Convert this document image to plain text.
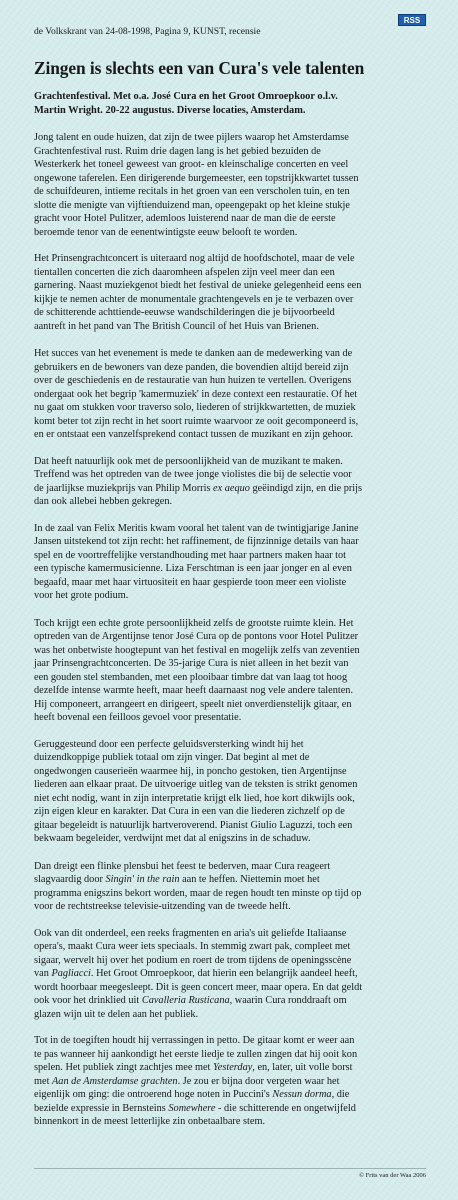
RSS

de Volkskrant van 24-08-1998, Pagina 9, KUNST, recensie

Zingen is slechts een van Cura's vele talenten
Grachtenfestival. Met o.a. José Cura en het Groot Omroepkoor o.l.v.
Martin Wright. 20-22 augustus. Diverse locaties, Amsterdam.

Jong talent en oude huizen, dat zijn de twee pijlers waarop het Amsterdamse
Grachtenfestival rust. Ruim drie dagen lang is het gebied bezuiden de
Westerkerk het toneel geweest van groot- en kleinschalige concerten en veel
ongewone taferelen. Een dirigerende burgemeester, een topstrijkkwartet tussen
de schuifdeuren, intieme recitals in het groen van een verscholen tuin, en ten
slotte die menigte van vijftienduizend man, opeengepakt op het kleine stukje
gracht voor Hotel Pulitzer, ademloos luisterend naar de man die de eerste
beroemde tenor van de eenentwintigste eeuw belooft te worden.

Het Prinsengrachtconcert is uiteraard nog altijd de hoofdschotel, maar de vele
tientallen concerten die zich daaromheen afspelen zijn veel meer dan een
garnering. Naast muziekgenot biedt het festival de unieke gelegenheid eens een
kijkje te nemen achter de monumentale grachtengevels en je te verbazen over
de schitterende achttiende-eeuwse wandschilderingen die je bijvoorbeeld
aantreft in het pand van The British Council of het Huis van Brienen.

Het succes van het evenement is mede te danken aan de medewerking van de
gebruikers en de bewoners van deze panden, die bovendien altijd bereid zijn
over de geschiedenis en de restauratie van hun huizen te vertellen. Overigens
ondergaat ook het begrip 'kamermuziek' in deze context een restauratie. Of het
nu gaat om stukken voor traverso solo, liederen of strijkkwartetten, de muziek
komt beter tot zijn recht in het soort ruimte waarvoor ze ooit gecomponeerd is,
en er ontstaat een vanzelfsprekend contact tussen de muzikant en zijn gehoor.

Dat heeft natuurlijk ook met de persoonlijkheid van de muzikant te maken.
Treffend was het optreden van de twee jonge violistes die bij de selectie voor
de jaarlijkse muziekprijs van Philip Morris ex aequo geëindigd zijn, en die prijs
dan ook allebei hebben gekregen.

In de zaal van Felix Meritis kwam vooral het talent van de twintigjarige Janine
Jansen uitstekend tot zijn recht: het raffinement, de fijnzinnige details van haar
spel en de voortreffelijke verstandhouding met haar partners maken haar tot
een typische kamermusicienne. Liza Ferschtman is een jaar jonger en al even
begaafd, maar met haar virtuositeit en haar gespierde toon meer een violiste
voor het grote podium.

Toch krijgt een echte grote persoonlijkheid zelfs de grootste ruimte klein. Het
optreden van de Argentijnse tenor José Cura op de pontons voor Hotel Pulitzer
was het onbetwiste hoogtepunt van het festival en mogelijk zelfs van zeventien
jaar Prinsengrachtconcerten. De 35-jarige Cura is niet alleen in het bezit van
een gouden stel stembanden, met een plooibaar timbre dat van laag tot hoog
dezelfde intense warmte heeft, maar heeft daarnaast nog vele andere talenten.
Hij componeert, arrangeert en dirigeert, speelt niet onverdienstelijk gitaar, en
heeft bovenal een feilloos gevoel voor presentatie.

Geruggesteund door een perfecte geluidsversterking windt hij het
duizendkoppige publiek totaal om zijn vinger. Dat begint al met de
ongedwongen causerieën waarmee hij, in poncho gestoken, tien Argentijnse
liederen aan elkaar praat. De uitvoerige uitleg van de teksten is strikt genomen
niet echt nodig, want in zijn interpretatie krijgt elk lied, hoe kort dikwijls ook,
zijn eigen kleur en karakter. Dat Cura in een van die liederen zichzelf op de
gitaar begeleidt is natuurlijk hartveroverend. Pianist Giulio Laguzzi, toch een
bekwaam begeleider, verdwijnt met dat al enigszins in de schaduw.

Dan dreigt een flinke plensbui het feest te bederven, maar Cura reageert
slagvaardig door Singin' in the rain aan te heffen. Niettemin moet het
programma enigszins bekort worden, maar de regen houdt ten minste op tijd op
voor de rechtstreekse televisie-uitzending van de tweede helft.

Ook van dit onderdeel, een reeks fragmenten en aria's uit geliefde Italiaanse
opera's, maakt Cura weer iets speciaals. In stemmig zwart pak, compleet met
sigaar, wervelt hij over het podium en roert de trom tijdens de openingsscène
van Pagliacci. Het Groot Omroepkoor, dat hierin een belangrijk aandeel heeft,
wordt hoorbaar meegesleept. Dit is geen concert meer, maar opera. En dat geldt
ook voor het drinklied uit Cavalleria Rusticana, waarin Cura ronddraaft om
glazen wijn uit te delen aan het publiek.

Tot in de toegiften houdt hij verrassingen in petto. De gitaar komt er weer aan
te pas wanneer hij aankondigt het eerste liedje te zullen zingen dat hij ooit kon
spelen. Het publiek zingt zachtjes mee met Yesterday, en, later, uit volle borst
met Aan de Amsterdamse grachten. Je zou er bijna door vergeten waar het
eigenlijk om ging: die ontroerend hoge noten in Puccini's Nessun dorma, die
bezielde expressie in Bernsteins Somewhere - die schitterende en ongetwijfeld
binnenkort in de meest letterlijke zin onbetaalbare stem.

© Frits van der Waa 2006
